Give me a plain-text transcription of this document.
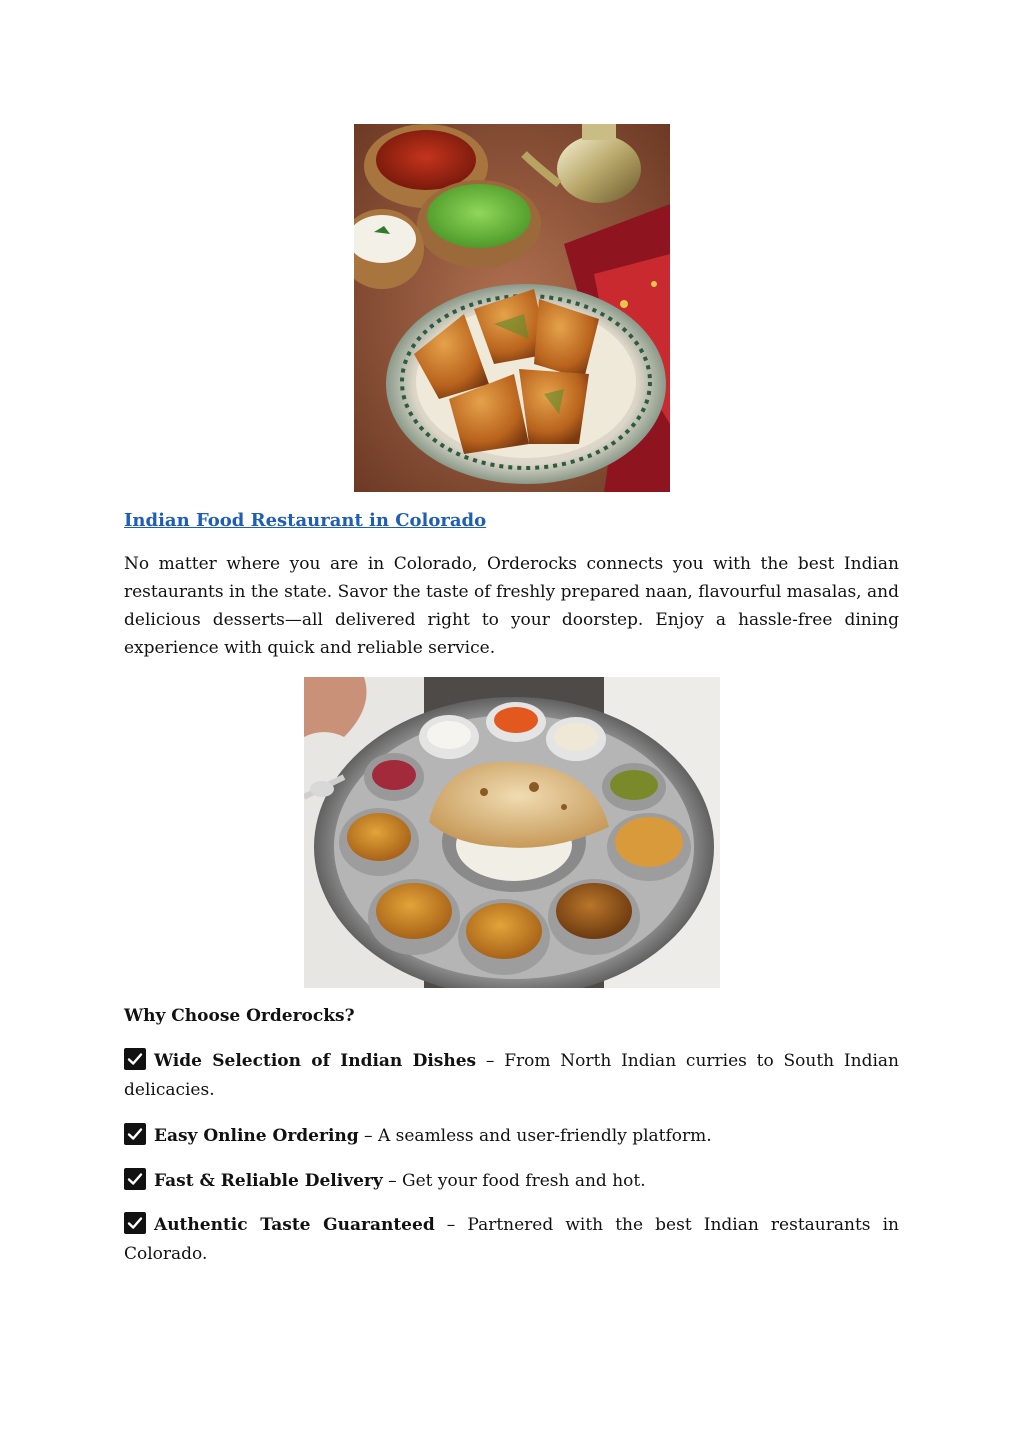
Indian Food Restaurant in Colorado

No matter where you are in Colorado, Orderocks connects you with the best Indian restaurants in the state. Savor the taste of freshly prepared naan, flavourful masalas, and delicious desserts—all delivered right to your doorstep. Enjoy a hassle-free dining experience with quick and reliable service.

Why Choose Orderocks?

Wide Selection of Indian Dishes – From North Indian curries to South Indian delicacies.

Easy Online Ordering – A seamless and user-friendly platform.

Fast & Reliable Delivery – Get your food fresh and hot.

Authentic Taste Guaranteed – Partnered with the best Indian restaurants in Colorado.
